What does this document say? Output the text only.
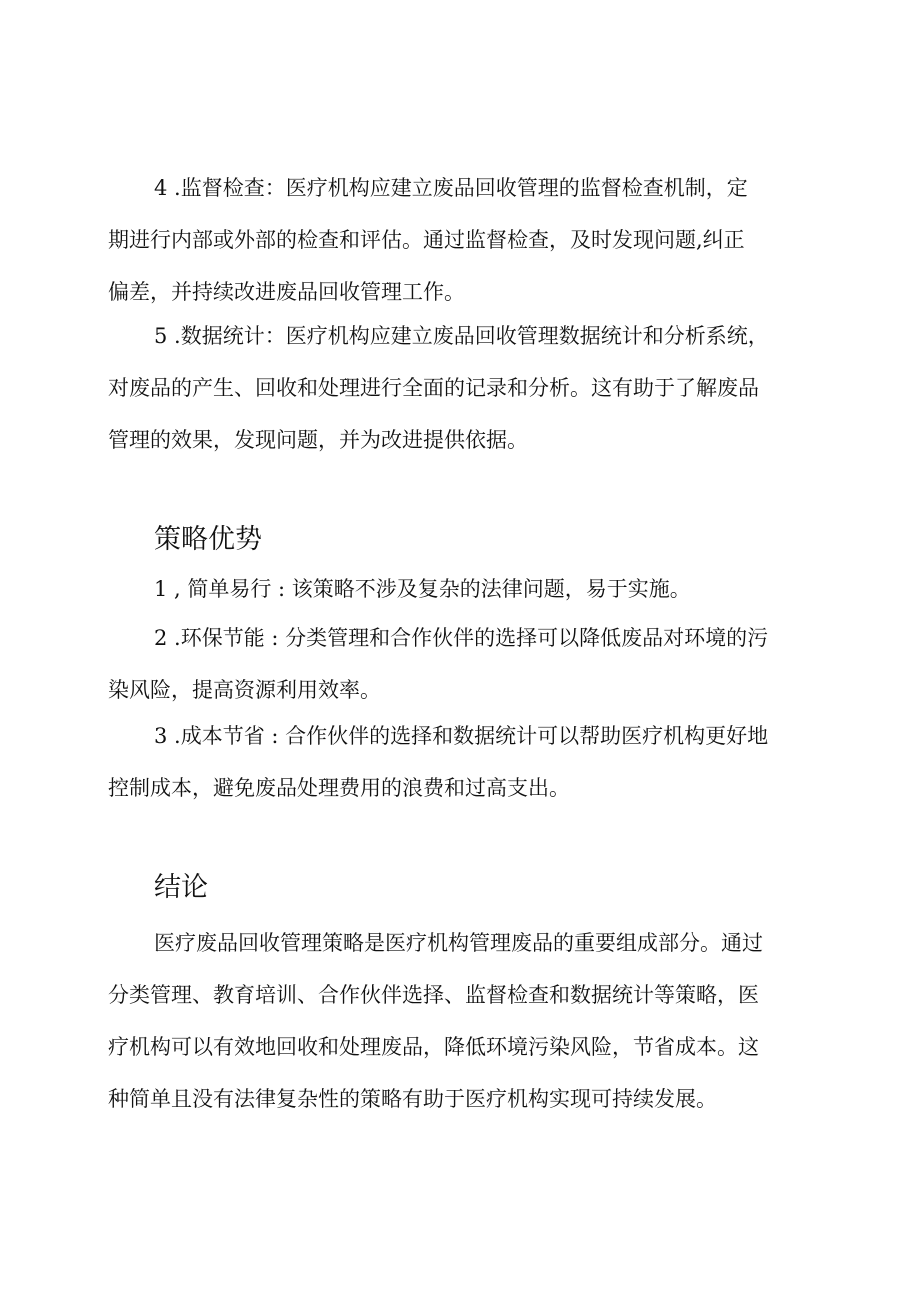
4 .监督检查：医疗机构应建立废品回收管理的监督检查机制，定
期进行内部或外部的检查和评估。通过监督检查，及时发现问题,纠正
偏差，并持续改进废品回收管理工作。

5 .数据统计：医疗机构应建立废品回收管理数据统计和分析系统，
对废品的产生、回收和处理进行全面的记录和分析。这有助于了解废品
管理的效果，发现问题，并为改进提供依据。

策略优势

1 , 简单易行 : 该策略不涉及复杂的法律问题，易于实施。

2 .环保节能 : 分类管理和合作伙伴的选择可以降低废品对环境的污
染风险，提高资源利用效率。

3 .成本节省 : 合作伙伴的选择和数据统计可以帮助医疗机构更好地
控制成本，避免废品处理费用的浪费和过高支出。

结论

医疗废品回收管理策略是医疗机构管理废品的重要组成部分。通过
分类管理、教育培训、合作伙伴选择、监督检查和数据统计等策略，医
疗机构可以有效地回收和处理废品，降低环境污染风险，节省成本。这
种简单且没有法律复杂性的策略有助于医疗机构实现可持续发展。
